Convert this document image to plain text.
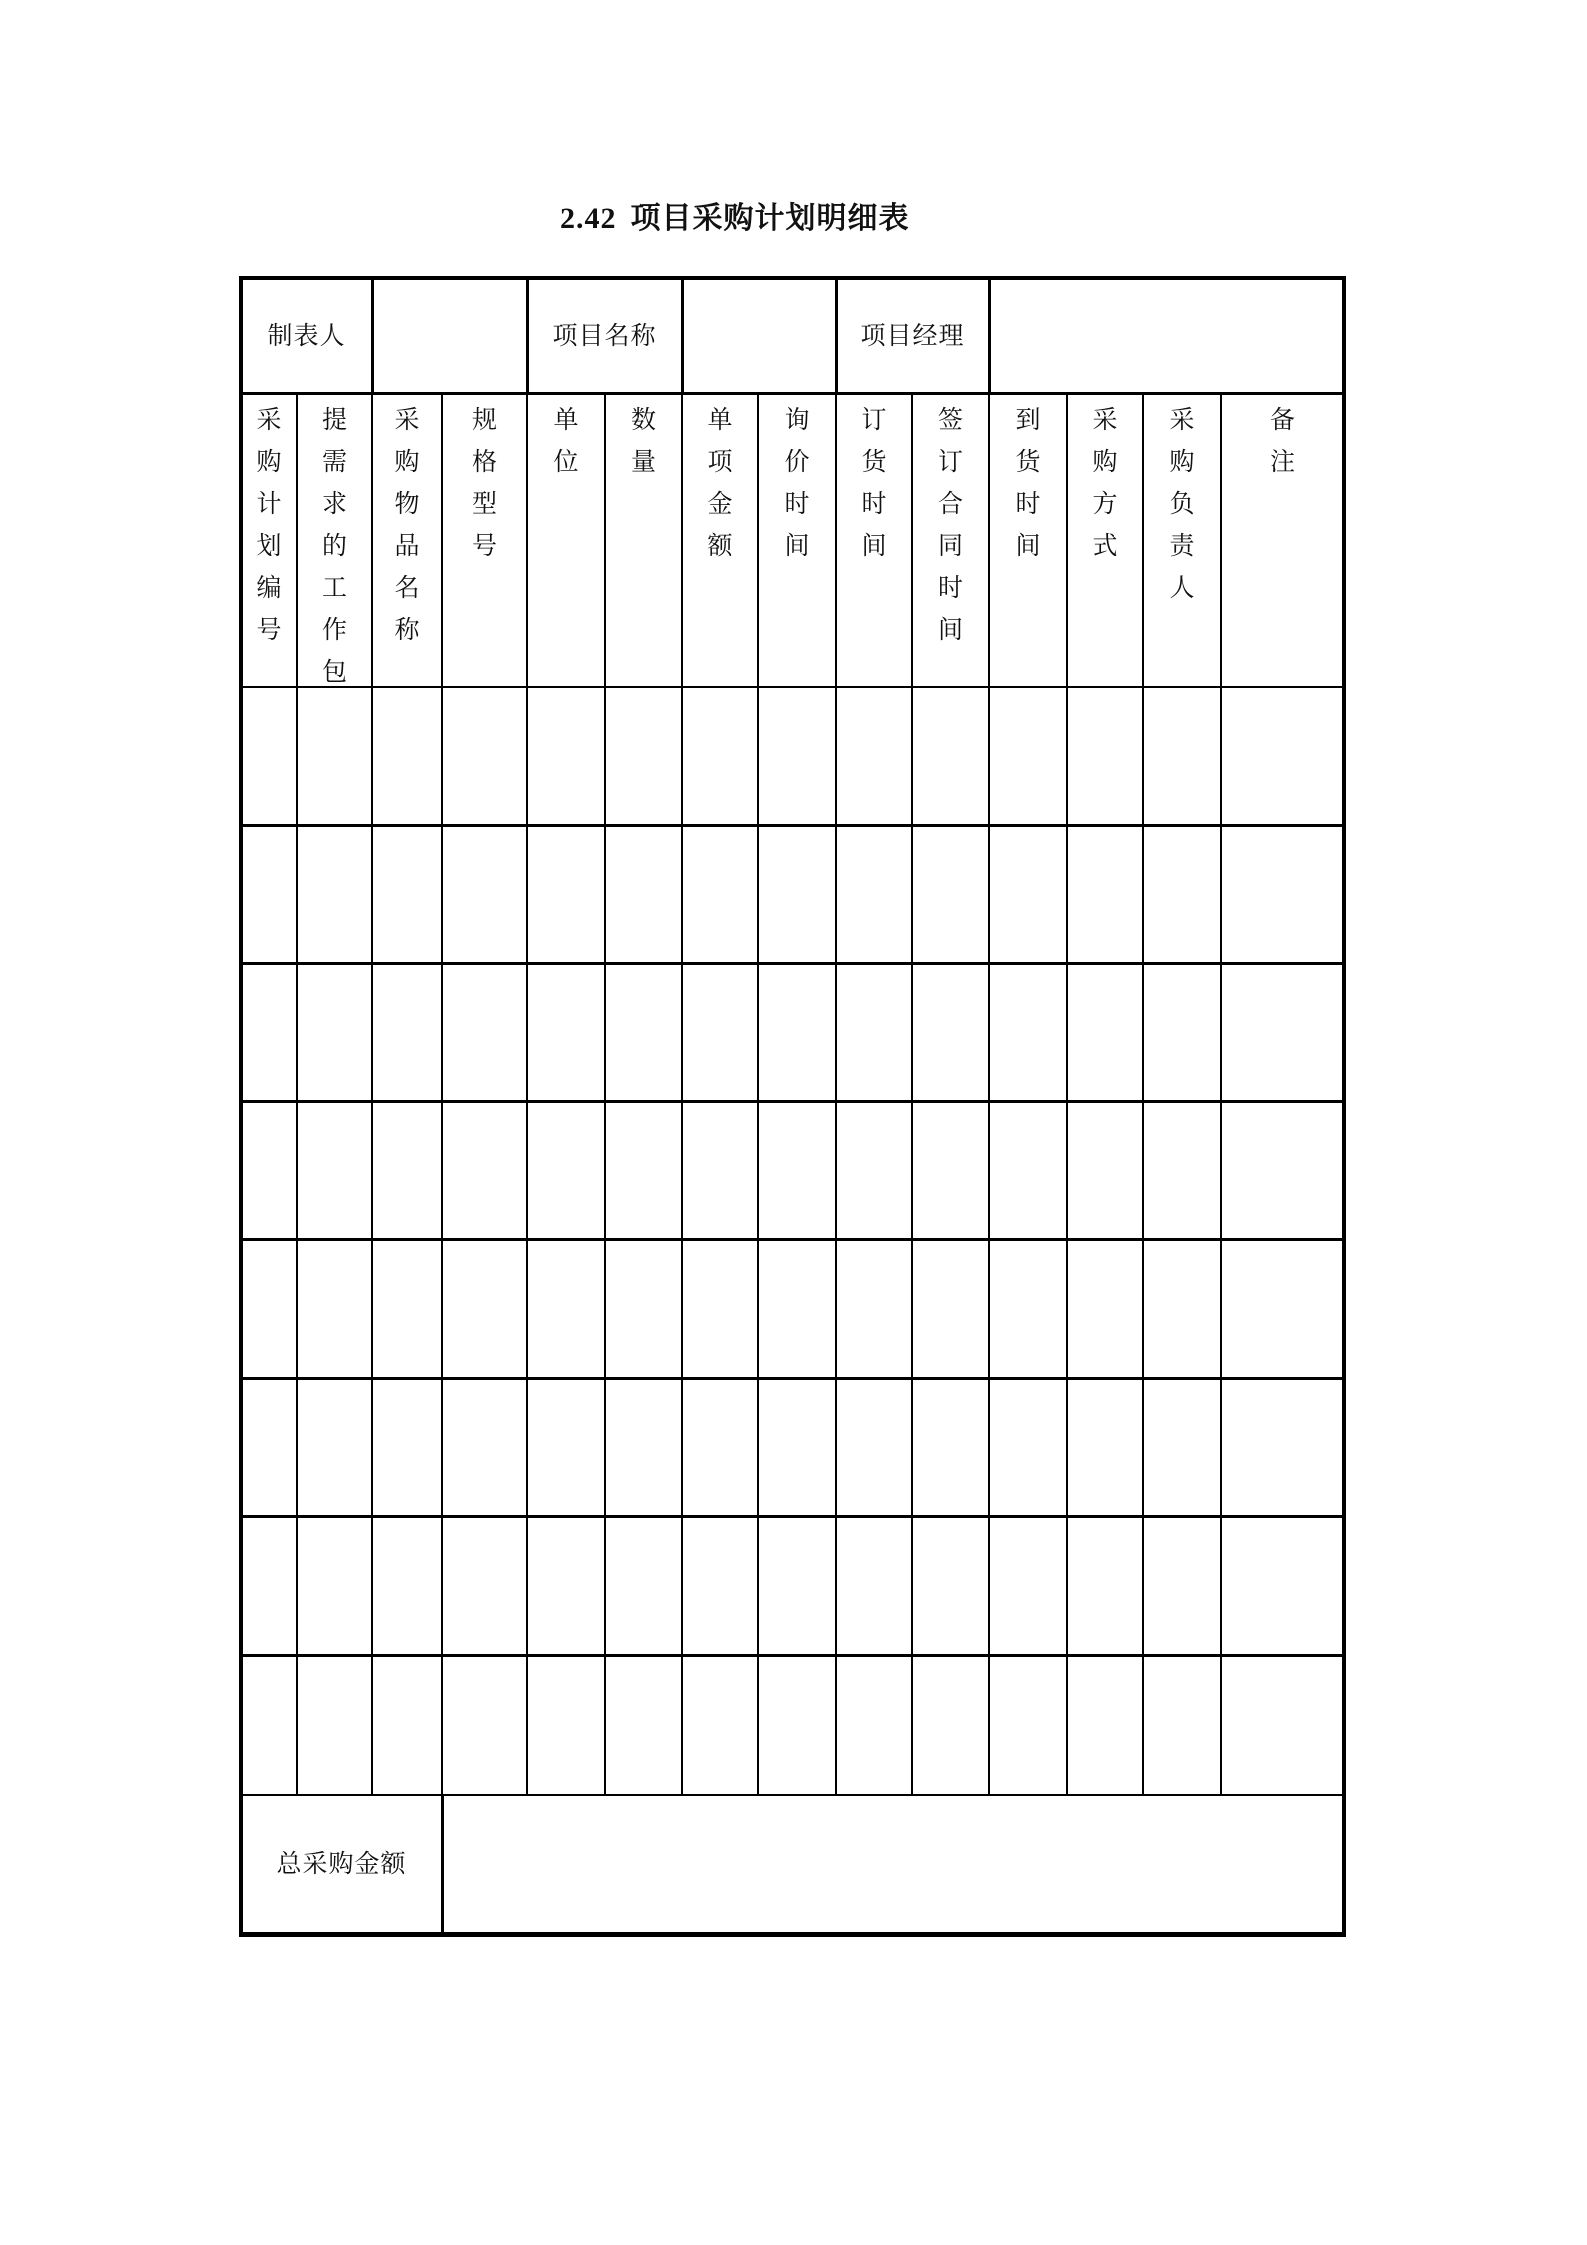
2.42 项目采购计划明细表
制表人	项目名称	项目经理
采
购
计
划
编
号
提
需
求
的
工
作
包
采
购
物
品
名
称
规
格
型
号
单
位
数
量
单
项
金
额
询
价
时
间
订
货
时
间
签
订
合
同
时
间
到
货
时
间
采
购
方
式
采
购
负
责
人
备
注
总采购金额
